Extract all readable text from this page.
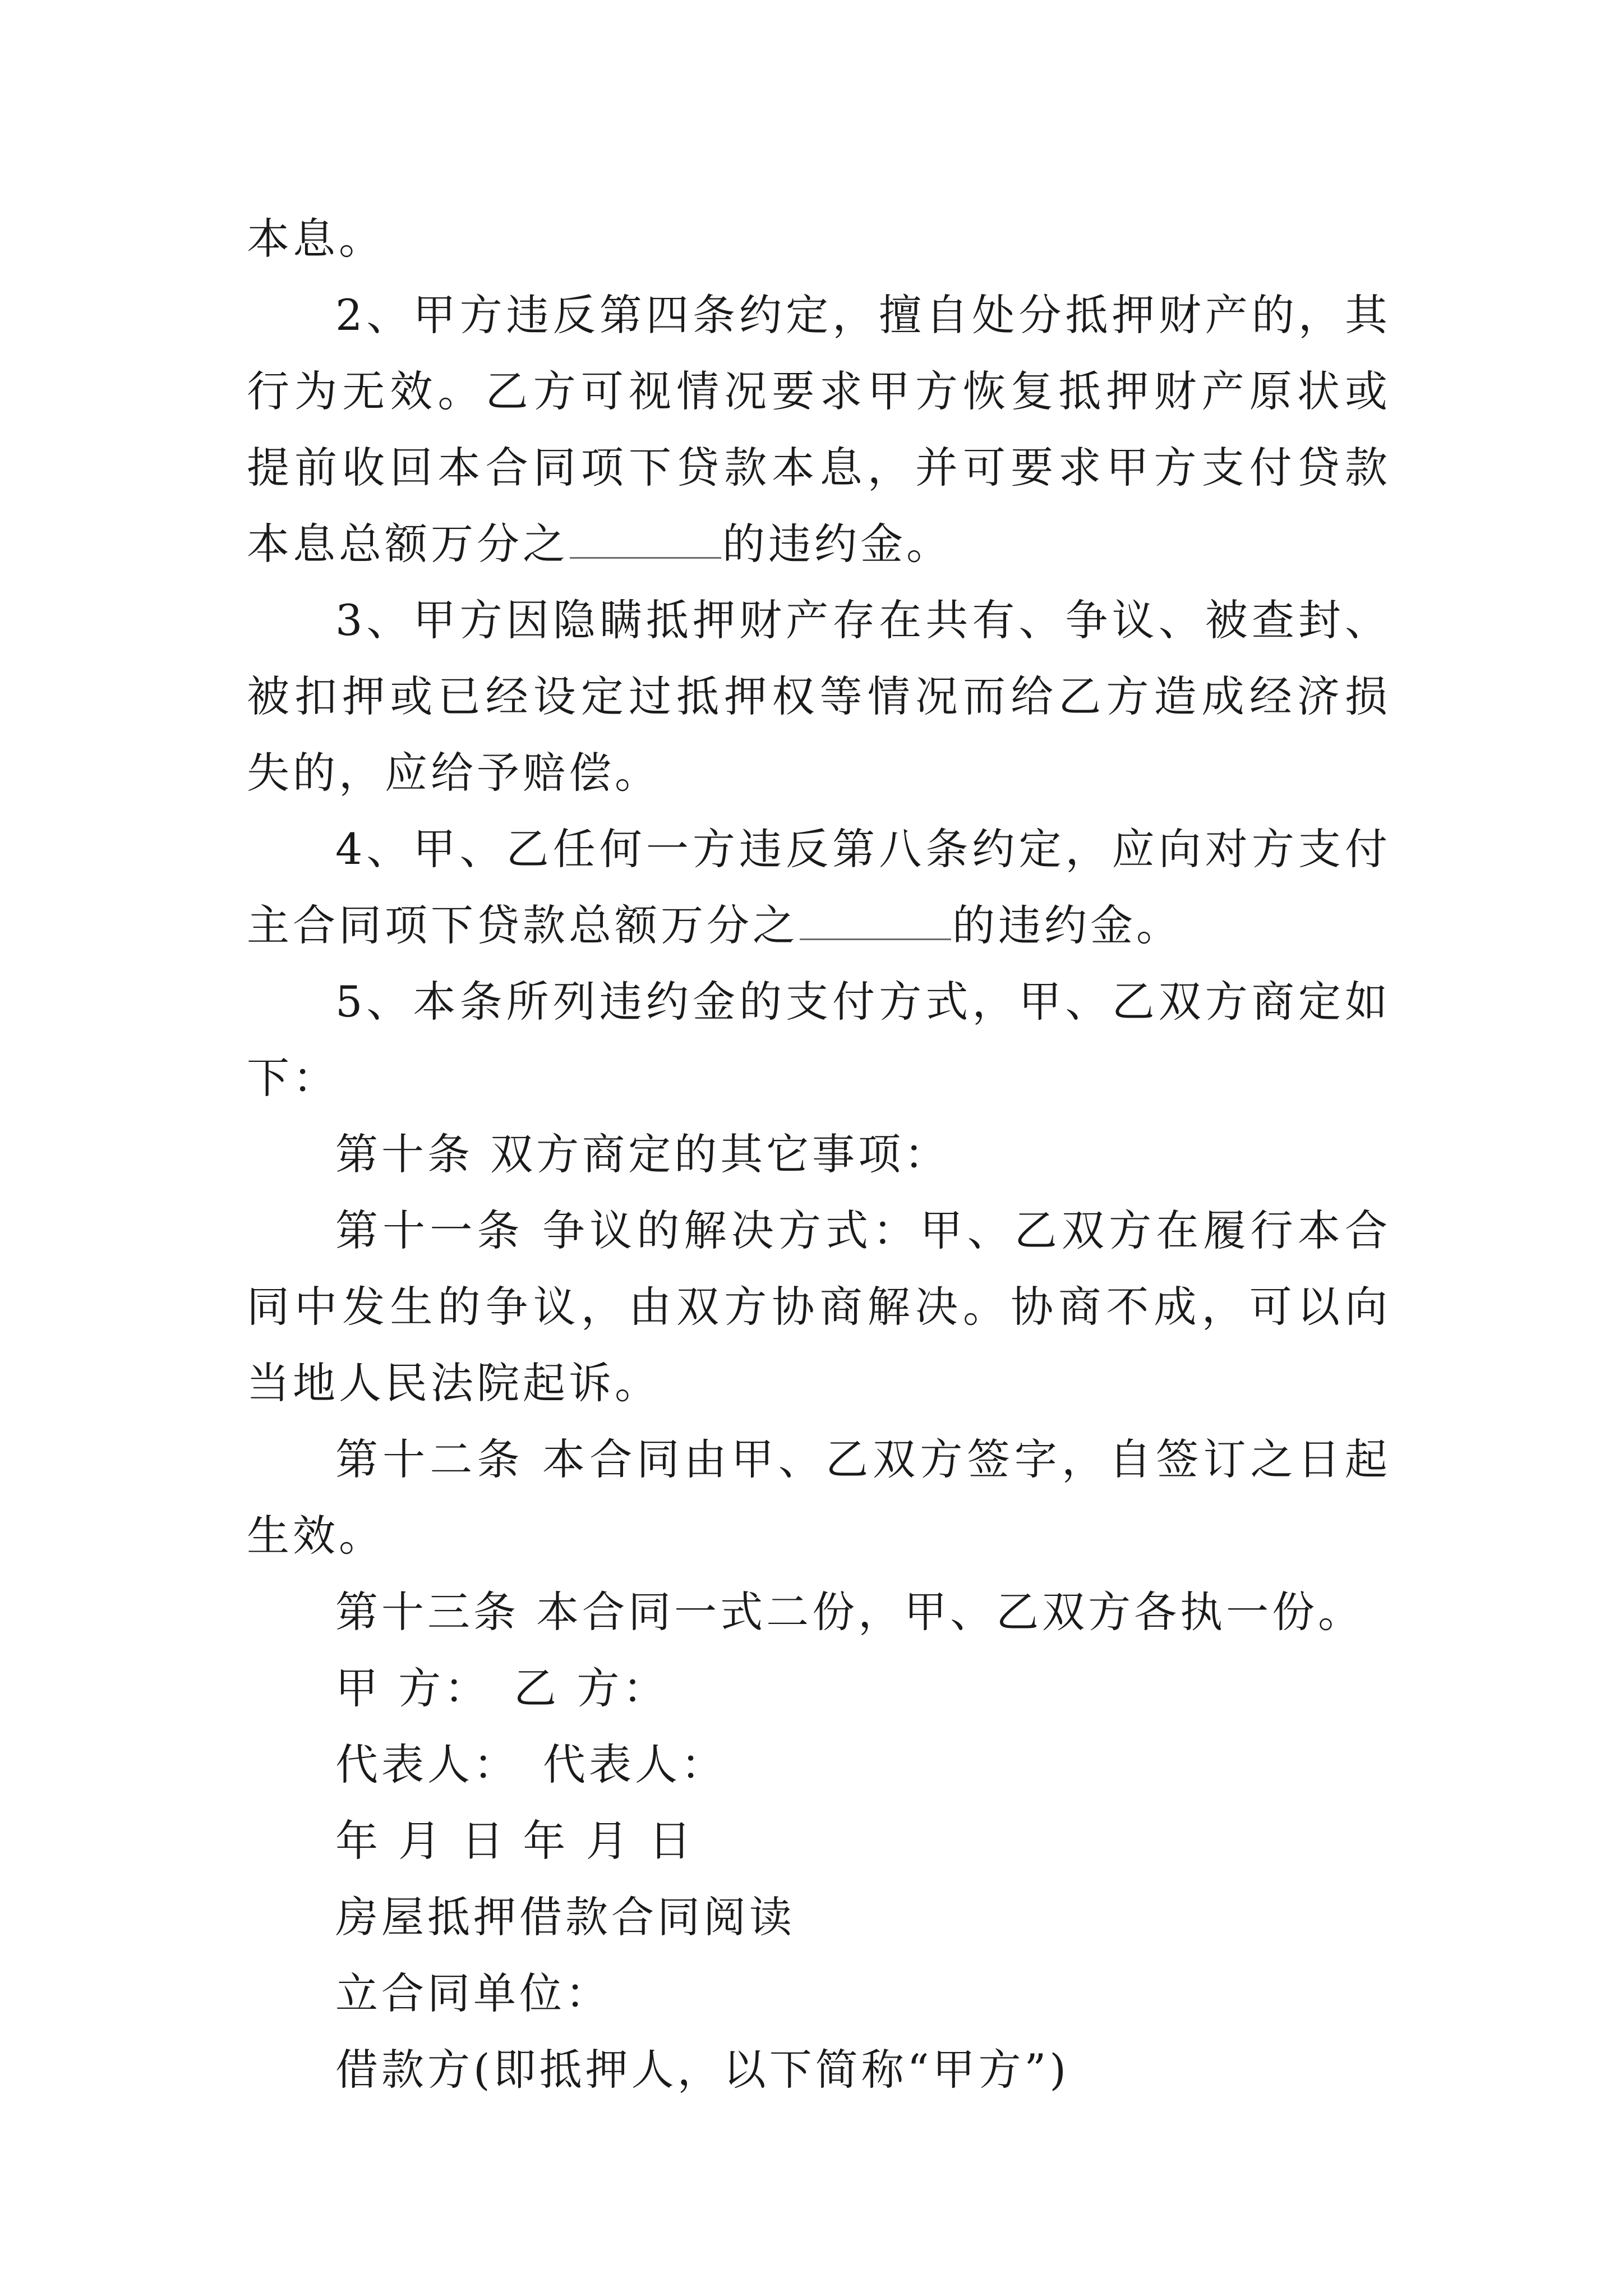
本息。

2、甲方违反第四条约定，擅自处分抵押财产的，其行为无效。乙方可视情况要求甲方恢复抵押财产原状或提前收回本合同项下贷款本息，并可要求甲方支付贷款本息总额万分之	的违约金。

3、甲方因隐瞒抵押财产存在共有、争议、被查封、被扣押或已经设定过抵押权等情况而给乙方造成经济损失的，应给予赔偿。

4、甲、乙任何一方违反第八条约定，应向对方支付主合同项下贷款总额万分之	的违约金。

5、本条所列违约金的支付方式，甲、乙双方商定如下：

第十条 双方商定的其它事项：

第十一条 争议的解决方式：甲、乙双方在履行本合同中发生的争议，由双方协商解决。协商不成，可以向当地人民法院起诉。

第十二条 本合同由甲、乙双方签字，自签订之日起生效。

第十三条 本合同一式二份，甲、乙双方各执一份。

甲 方： 乙 方：

代表人： 代表人：

年 月 日 年 月 日

房屋抵押借款合同阅读

立合同单位：

借款方(即抵押人，以下简称“甲方”)
